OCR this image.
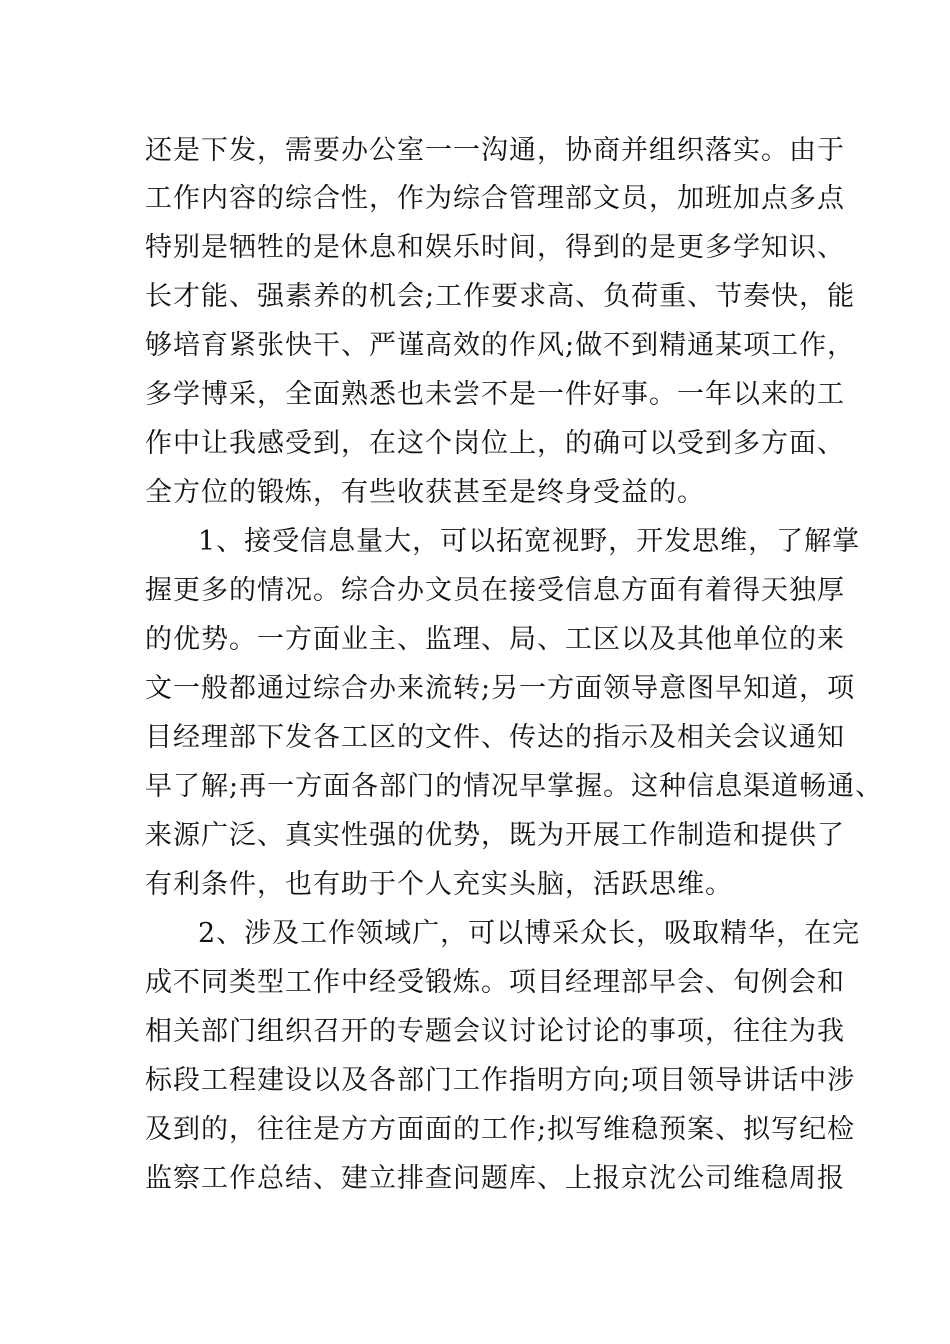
还是下发，需要办公室一一沟通，协商并组织落实。由于
工作内容的综合性，作为综合管理部文员，加班加点多点
特别是牺牲的是休息和娱乐时间，得到的是更多学知识、
长才能、强素养的机会;工作要求高、负荷重、节奏快，能
够培育紧张快干、严谨高效的作风;做不到精通某项工作，
多学博采，全面熟悉也未尝不是一件好事。一年以来的工
作中让我感受到，在这个岗位上，的确可以受到多方面、
全方位的锻炼，有些收获甚至是终身受益的。
1、接受信息量大，可以拓宽视野，开发思维，了解掌
握更多的情况。综合办文员在接受信息方面有着得天独厚
的优势。一方面业主、监理、局、工区以及其他单位的来
文一般都通过综合办来流转;另一方面领导意图早知道，项
目经理部下发各工区的文件、传达的指示及相关会议通知
早了解;再一方面各部门的情况早掌握。这种信息渠道畅通、
来源广泛、真实性强的优势，既为开展工作制造和提供了
有利条件，也有助于个人充实头脑，活跃思维。
2、涉及工作领域广，可以博采众长，吸取精华，在完
成不同类型工作中经受锻炼。项目经理部早会、旬例会和
相关部门组织召开的专题会议讨论讨论的事项，往往为我
标段工程建设以及各部门工作指明方向;项目领导讲话中涉
及到的，往往是方方面面的工作;拟写维稳预案、拟写纪检
监察工作总结、建立排查问题库、上报京沈公司维稳周报
